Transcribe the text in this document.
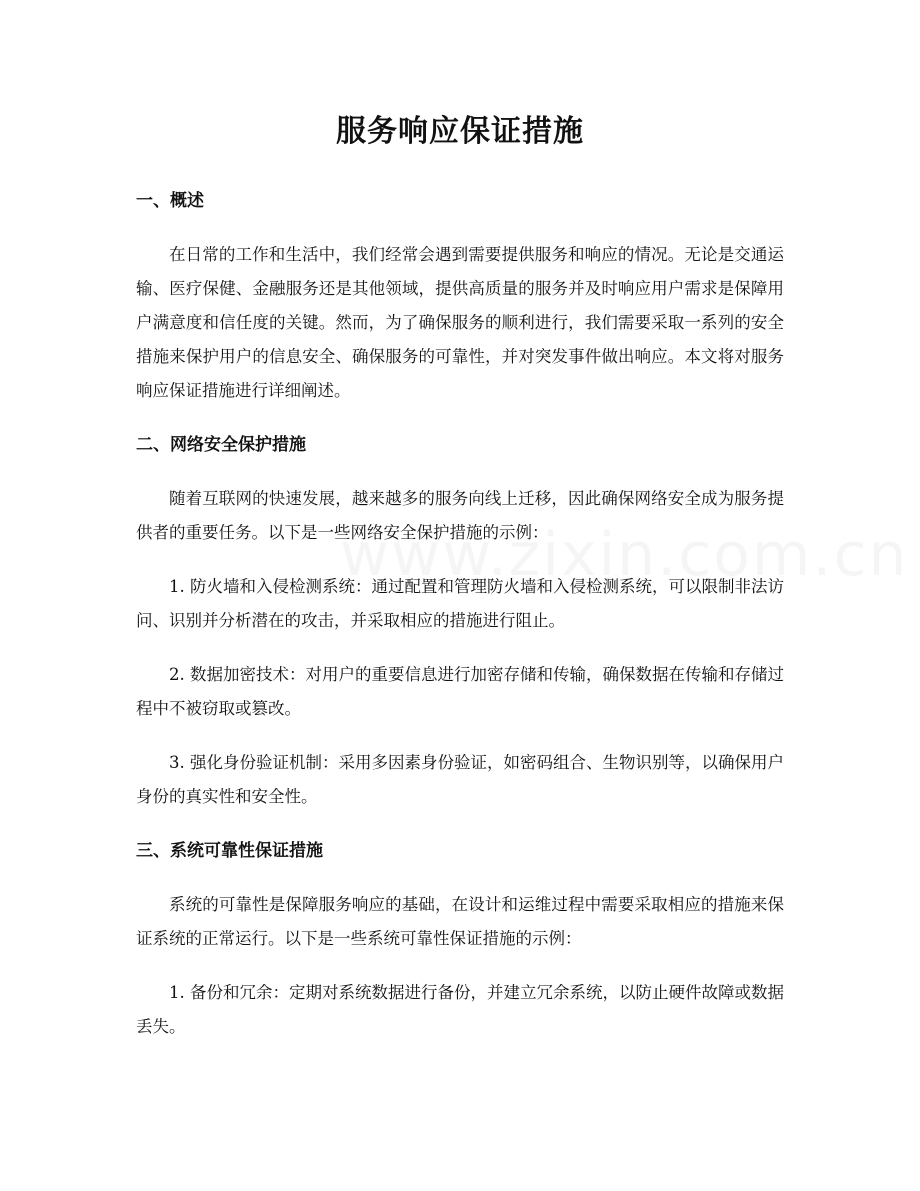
服务响应保证措施
一、概述

在日常的工作和生活中，我们经常会遇到需要提供服务和响应的情况。无论是交通运输、医疗保健、金融服务还是其他领域，提供高质量的服务并及时响应用户需求是保障用户满意度和信任度的关键。然而，为了确保服务的顺利进行，我们需要采取一系列的安全措施来保护用户的信息安全、确保服务的可靠性，并对突发事件做出响应。本文将对服务响应保证措施进行详细阐述。

二、网络安全保护措施

随着互联网的快速发展，越来越多的服务向线上迁移，因此确保网络安全成为服务提供者的重要任务。以下是一些网络安全保护措施的示例：

1. 防火墙和入侵检测系统：通过配置和管理防火墙和入侵检测系统，可以限制非法访问、识别并分析潜在的攻击，并采取相应的措施进行阻止。

2. 数据加密技术：对用户的重要信息进行加密存储和传输，确保数据在传输和存储过程中不被窃取或篡改。

3. 强化身份验证机制：采用多因素身份验证，如密码组合、生物识别等，以确保用户身份的真实性和安全性。

三、系统可靠性保证措施

系统的可靠性是保障服务响应的基础，在设计和运维过程中需要采取相应的措施来保证系统的正常运行。以下是一些系统可靠性保证措施的示例：

1. 备份和冗余：定期对系统数据进行备份，并建立冗余系统，以防止硬件故障或数据丢失。
